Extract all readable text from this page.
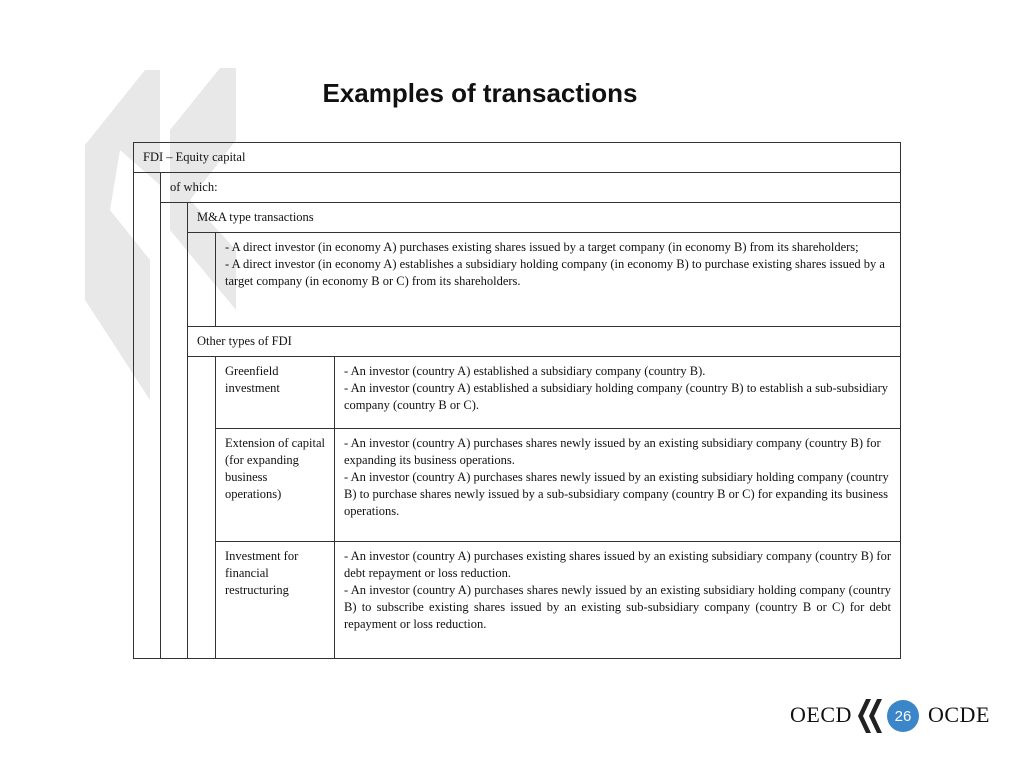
Examples of transactions
FDI – Equity capital				
	of which:			
		M&A type transactions		

			- A direct investor (in economy A) purchases existing shares issued by a target company (in economy B) from its shareholders;
- A direct investor (in economy A) establishes a subsidiary holding company (in economy B) to purchase existing shares issued by a target company (in economy B or C) from its shareholders.	

		Other types of FDI		
			Greenfield investment	- An investor (country A) established a subsidiary company (country B).
- An investor (country A) established a subsidiary holding company (country B) to establish a sub-subsidiary company (country B or C).

			Extension of capital (for expanding business operations)	- An investor (country A) purchases shares newly issued by an existing subsidiary company (country B) for expanding its business operations.
- An investor (country A) purchases shares newly issued by an existing subsidiary holding company (country B) to purchase shares newly issued by a sub-subsidiary company (country B or C) for expanding its business operations.

			Investment for financial restructuring	- An investor (country A) purchases existing shares issued by an existing subsidiary company (country B) for debt repayment or loss reduction.
- An investor (country A) purchases shares newly issued by an existing subsidiary holding company (country B) to subscribe existing shares issued by an existing sub-subsidiary company (country B or C) for debt repayment or loss reduction.
OECD	26 OCDE
